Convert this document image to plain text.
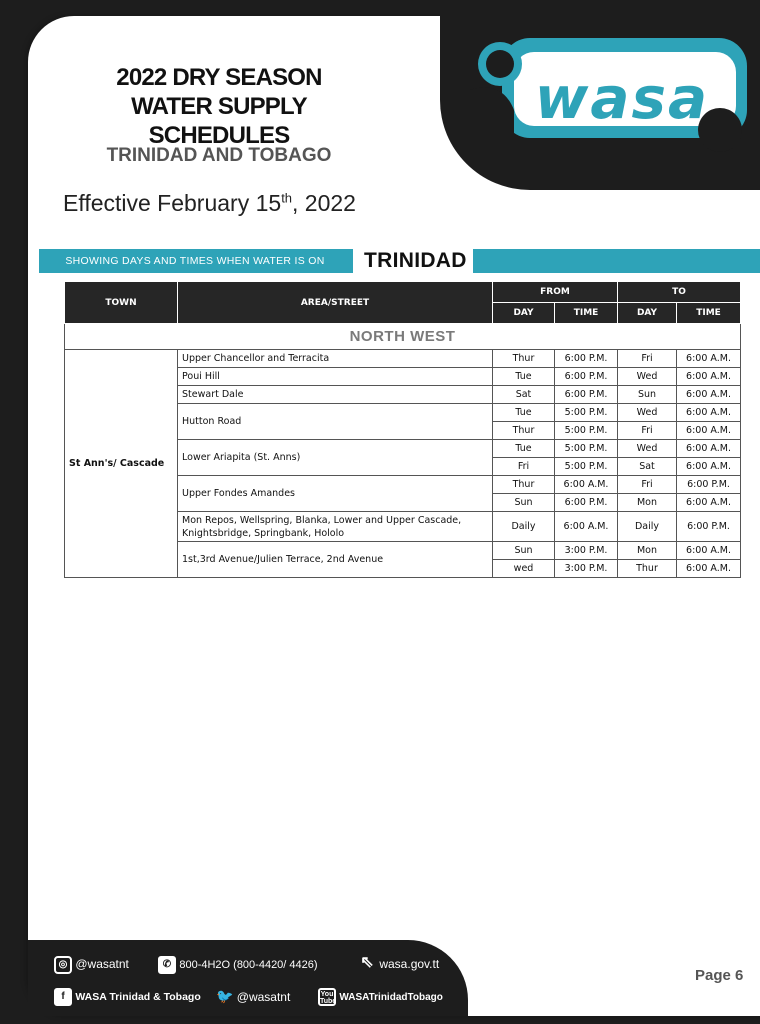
wasa
2022 DRY SEASON
WATER SUPPLY SCHEDULES
TRINIDAD AND TOBAGO
Effective February 15th, 2022
SHOWING DAYS AND TIMES WHEN WATER IS ON	TRINIDAD
TOWN	AREA/STREET	FROM		TO	
		DAY	TIME	DAY	TIME
NORTH WEST					
St Ann's/ Cascade	Upper Chancellor and Terracita	Thur	6:00 P.M.	Fri	6:00 A.M.
	Poui Hill	Tue	6:00 P.M.	Wed	6:00 A.M.
	Stewart Dale	Sat	6:00 P.M.	Sun	6:00 A.M.
	Hutton Road	Tue	5:00 P.M.	Wed	6:00 A.M.
		Thur	5:00 P.M.	Fri	6:00 A.M.
	Lower Ariapita (St. Anns)	Tue	5:00 P.M.	Wed	6:00 A.M.
		Fri	5:00 P.M.	Sat	6:00 A.M.
	Upper Fondes Amandes	Thur	6:00 A.M.	Fri	6:00 P.M.
		Sun	6:00 P.M.	Mon	6:00 A.M.
	Mon Repos, Wellspring, Blanka, Lower and Upper Cascade, Knightsbridge, Springbank, Hololo	Daily	6:00 A.M.	Daily	6:00 P.M.
	1st,3rd Avenue/Julien Terrace, 2nd Avenue	Sun	3:00 P.M.	Mon	6:00 A.M.
		wed	3:00 P.M.	Thur	6:00 A.M.
◎ @wasatnt	✆ 800-4H2O (800-4420/ 4426)	⇖ wasa.gov.tt
f WASA Trinidad & Tobago 🐦 @wasatnt	You Tube WASATrinidadTobago
Page 6
